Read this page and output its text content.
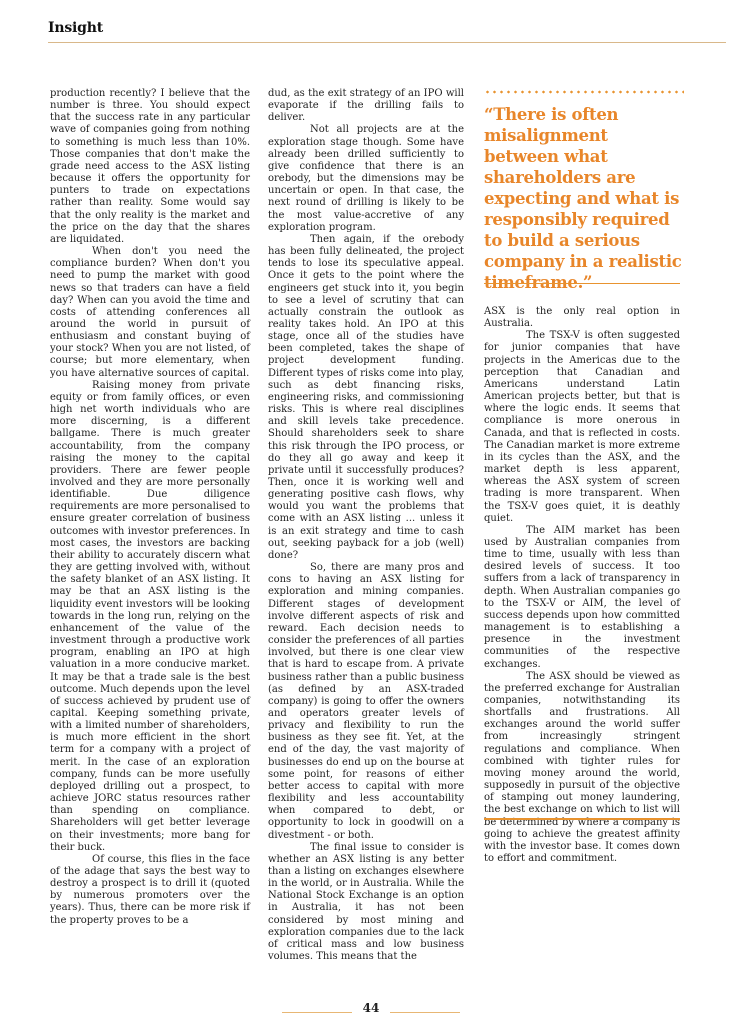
Insight

production recently? I believe that the number is three. You should expect that the success rate in any particular wave of companies going from nothing to something is much less than 10%. Those companies that don't make the grade need access to the ASX listing because it offers the opportunity for punters to trade on expectations rather than reality. Some would say that the only reality is the market and the price on the day that the shares are liquidated.

When don't you need the compliance burden? When don't you need to pump the market with good news so that traders can have a field day? When can you avoid the time and costs of attending conferences all around the world in pursuit of enthusiasm and constant buying of your stock? When you are not listed, of course; but more elementary, when you have alternative sources of capital.

Raising money from private equity or from family offices, or even high net worth individuals who are more discerning, is a different ballgame. There is much greater accountability, from the company raising the money to the capital providers. There are fewer people involved and they are more personally identifiable. Due diligence requirements are more personalised to ensure greater correlation of business outcomes with investor preferences. In most cases, the investors are backing their ability to accurately discern what they are getting involved with, without the safety blanket of an ASX listing. It may be that an ASX listing is the liquidity event investors will be looking towards in the long run, relying on the enhancement of the value of the investment through a productive work program, enabling an IPO at high valuation in a more conducive market. It may be that a trade sale is the best outcome. Much depends upon the level of success achieved by prudent use of capital. Keeping something private, with a limited number of shareholders, is much more efficient in the short term for a company with a project of merit. In the case of an exploration company, funds can be more usefully deployed drilling out a prospect, to achieve JORC status resources rather than spending on compliance. Shareholders will get better leverage on their investments; more bang for their buck.

Of course, this flies in the face of the adage that says the best way to destroy a prospect is to drill it (quoted by numerous promoters over the years). Thus, there can be more risk if the property proves to be a

dud, as the exit strategy of an IPO will evaporate if the drilling fails to deliver.

Not all projects are at the exploration stage though. Some have already been drilled sufficiently to give confidence that there is an orebody, but the dimensions may be uncertain or open. In that case, the next round of drilling is likely to be the most value-accretive of any exploration program.

Then again, if the orebody has been fully delineated, the project tends to lose its speculative appeal. Once it gets to the point where the engineers get stuck into it, you begin to see a level of scrutiny that can actually constrain the outlook as reality takes hold. An IPO at this stage, once all of the studies have been completed, takes the shape of project development funding. Different types of risks come into play, such as debt financing risks, engineering risks, and commissioning risks. This is where real disciplines and skill levels take precedence. Should shareholders seek to share this risk through the IPO process, or do they all go away and keep it private until it successfully produces? Then, once it is working well and generating positive cash flows, why would you want the problems that come with an ASX listing ... unless it is an exit strategy and time to cash out, seeking payback for a job (well) done?

So, there are many pros and cons to having an ASX listing for exploration and mining companies. Different stages of development involve different aspects of risk and reward. Each decision needs to consider the preferences of all parties involved, but there is one clear view that is hard to escape from. A private business rather than a public business (as defined by an ASX-traded company) is going to offer the owners and operators greater levels of privacy and flexibility to run the business as they see fit. Yet, at the end of the day, the vast majority of businesses do end up on the bourse at some point, for reasons of either better access to capital with more flexibility and less accountability when compared to debt, or opportunity to lock in goodwill on a divestment - or both.

The final issue to consider is whether an ASX listing is any better than a listing on exchanges elsewhere in the world, or in Australia. While the National Stock Exchange is an option in Australia, it has not been considered by most mining and exploration companies due to the lack of critical mass and low business volumes. This means that the

“There is often misalignment between what shareholders are expecting and what is responsibly required to build a serious company in a realistic timeframe.”

ASX is the only real option in Australia.

The TSX-V is often suggested for junior companies that have projects in the Americas due to the perception that Canadian and Americans understand Latin American projects better, but that is where the logic ends. It seems that compliance is more onerous in Canada, and that is reflected in costs. The Canadian market is more extreme in its cycles than the ASX, and the market depth is less apparent, whereas the ASX system of screen trading is more transparent. When the TSX-V goes quiet, it is deathly quiet.

The AIM market has been used by Australian companies from time to time, usually with less than desired levels of success. It too suffers from a lack of transparency in depth. When Australian companies go to the TSX-V or AIM, the level of success depends upon how committed management is to establishing a presence in the investment communities of the respective exchanges.

The ASX should be viewed as the preferred exchange for Australian companies, notwithstanding its shortfalls and frustrations. All exchanges around the world suffer from increasingly stringent regulations and compliance. When combined with tighter rules for moving money around the world, supposedly in pursuit of the objective of stamping out money laundering, the best exchange on which to list will be determined by where a company is going to achieve the greatest affinity with the investor base. It comes down to effort and commitment.

44
